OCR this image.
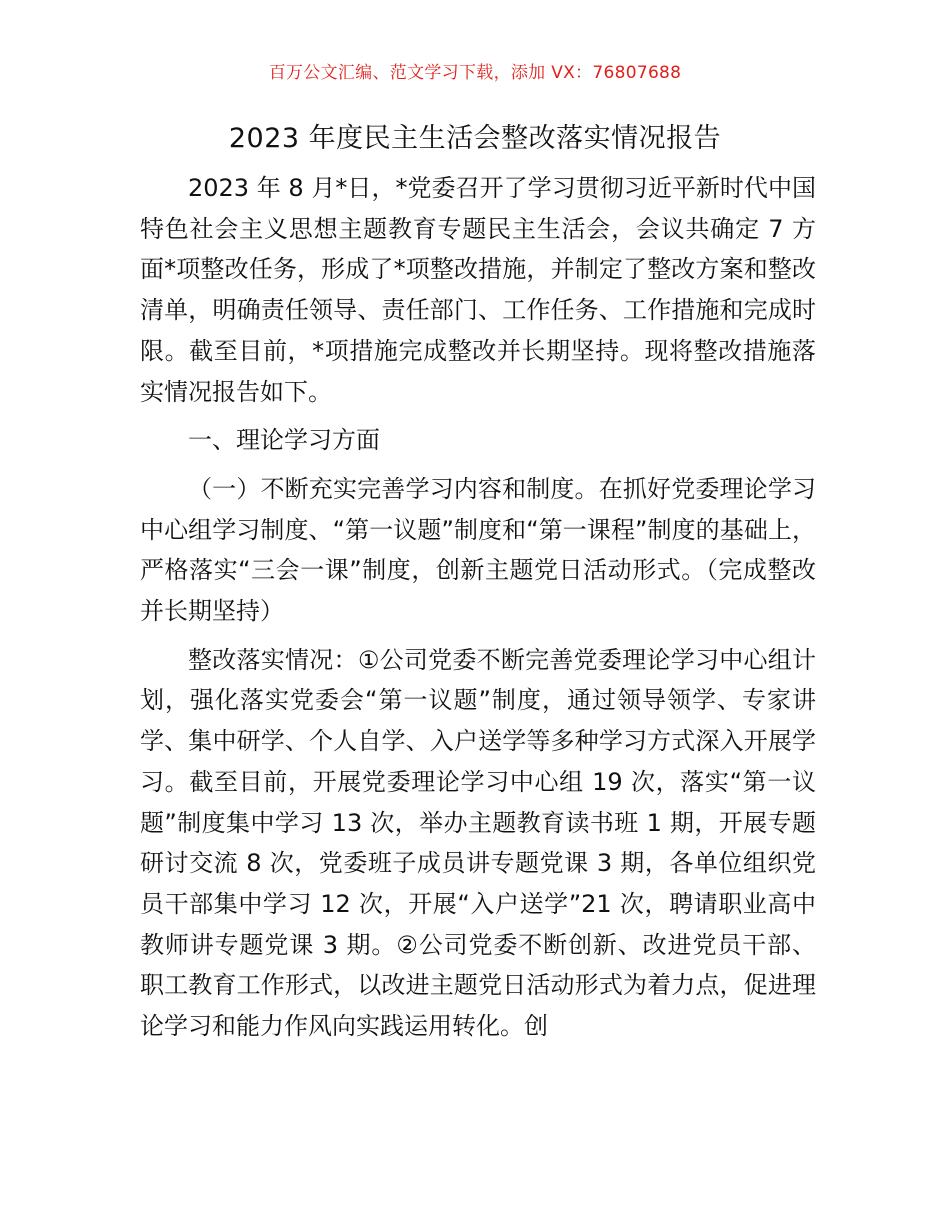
百万公文汇编、范文学习下载，添加 VX：76807688
2023 年度民主生活会整改落实情况报告

2023 年 8 月*日，*党委召开了学习贯彻习近平新时代中国特色社会主义思想主题教育专题民主生活会，会议共确定 7 方面*项整改任务，形成了*项整改措施，并制定了整改方案和整改清单，明确责任领导、责任部门、工作任务、工作措施和完成时限。截至目前，*项措施完成整改并长期坚持。现将整改措施落实情况报告如下。

一、理论学习方面

（一）不断充实完善学习内容和制度。在抓好党委理论学习中心组学习制度、“第一议题”制度和“第一课程”制度的基础上，严格落实“三会一课”制度，创新主题党日活动形式。（完成整改并长期坚持）

整改落实情况：①公司党委不断完善党委理论学习中心组计划，强化落实党委会“第一议题”制度，通过领导领学、专家讲学、集中研学、个人自学、入户送学等多种学习方式深入开展学习。截至目前，开展党委理论学习中心组 19 次，落实“第一议题”制度集中学习 13 次，举办主题教育读书班 1 期，开展专题研讨交流 8 次，党委班子成员讲专题党课 3 期，各单位组织党员干部集中学习 12 次，开展“入户送学”21 次，聘请职业高中教师讲专题党课 3 期。②公司党委不断创新、改进党员干部、职工教育工作形式，以改进主题党日活动形式为着力点，促进理论学习和能力作风向实践运用转化。创
